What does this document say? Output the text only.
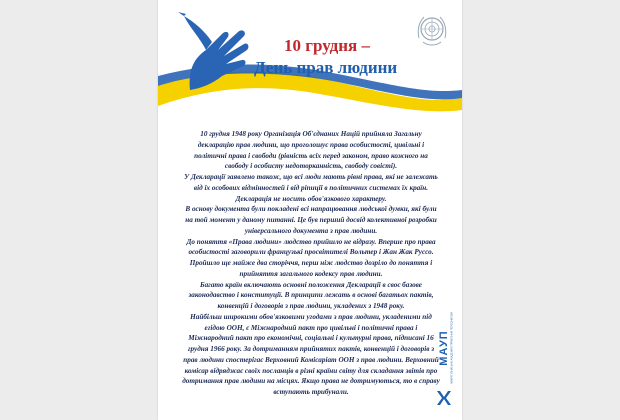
10 грудня –
День прав людини

10 грудня 1948 року Організація Об'єднаних Націй прийняла Загальну декларацію прав людини, що проголошує права особистості, цивільні і політичні права і свободи (рівність всіх перед законом, право кожного на свободу і особисту недоторканність, свободу совісті).

У Декларації заявлено також, що всі люди мають рівні права, які не залежать від їх особових відмінностей і від ріпиції в політичних системах їх країн. Декларація не носить обов'язкового характеру.

В основу документа були покладені всі напрацювання людської думки, які були на той момент у даному питанні. Це був перший досвід колективної розробки універсального документа з прав людини.

До поняття «Права людини» людство прийшло не відразу. Вперше про права особистості заговорили французькі просвітителі Вольтер і Жан Жак Руссо. Пройшло ще майже два сторіччя, перш ніж людство дозріло до поняття і прийняття загального кодексу прав людини.

Багато країн включають основні положення Декларації в своє базове законодавство і конституції. В принципи лежать в основі багатьох пактів, конвенцій і договорів з прав людини, укладених з 1948 року.

Найбільш широкими обов'язковими угодами з прав людини, укладеними під егідою ООН, є Міжнародний пакт про цивільні і політичні права і Міжнародний пакт про економічні, соціальні і культурні права, підписані 16 грудня 1966 року. За дотриманням прийнятих пактів, конвенцій і договорів з прав людини спостерігає Верховний Комісаріат ООН з прав людини. Верховний комісар відряджає своїх посланців в різні країни світу для складання звітів про дотримання прав людини на місцях. Якщо права не дотримуються, то в справу вступають трибунали.

МАУП МІЖРЕГІОНАЛЬНА АКАДЕМІЯ УПРАВЛІННЯ ПЕРСОНАЛОМ
